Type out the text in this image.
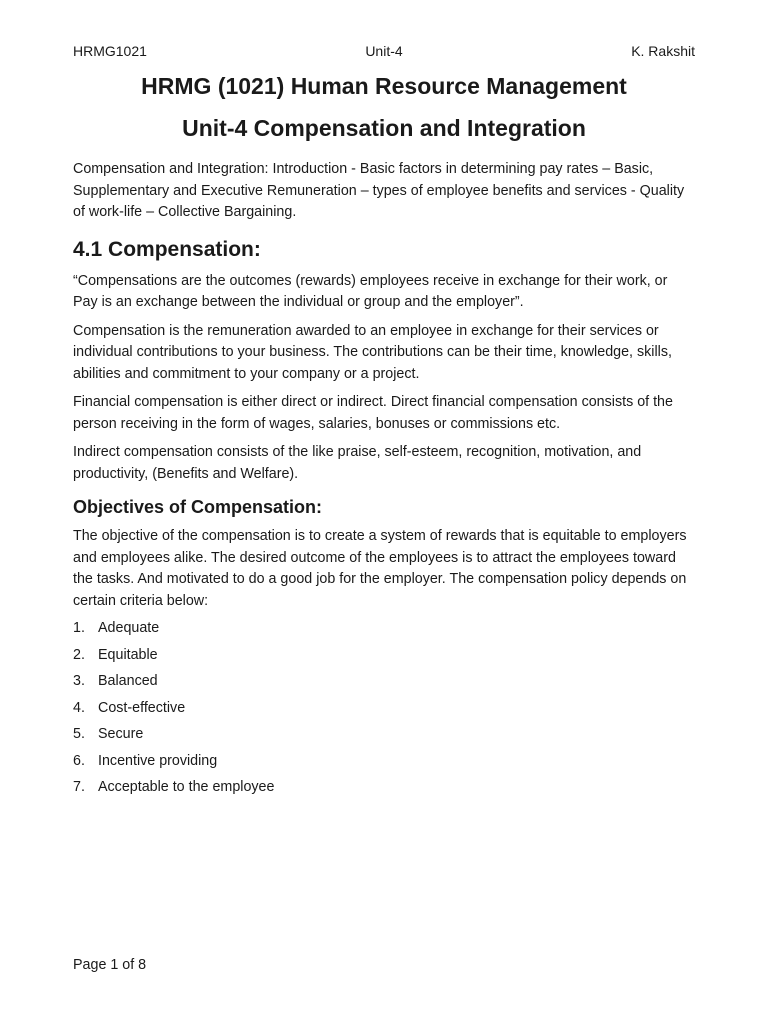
HRMG1021	Unit-4	K. Rakshit
HRMG (1021) Human Resource Management
Unit-4 Compensation and Integration

Compensation and Integration: Introduction - Basic factors in determining pay rates – Basic, Supplementary and Executive Remuneration – types of employee benefits and services - Quality of work-life – Collective Bargaining.

4.1 Compensation:

“Compensations are the outcomes (rewards) employees receive in exchange for their work, or Pay is an exchange between the individual or group and the employer”.

Compensation is the remuneration awarded to an employee in exchange for their services or individual contributions to your business. The contributions can be their time, knowledge, skills, abilities and commitment to your company or a project.

Financial compensation is either direct or indirect. Direct financial compensation consists of the person receiving in the form of wages, salaries, bonuses or commissions etc.

Indirect compensation consists of the like praise, self-esteem, recognition, motivation, and productivity, (Benefits and Welfare).

Objectives of Compensation:

The objective of the compensation is to create a system of rewards that is equitable to employers and employees alike. The desired outcome of the employees is to attract the employees toward the tasks. And motivated to do a good job for the employer. The compensation policy depends on certain criteria below:

1. Adequate
2. Equitable
3. Balanced
4. Cost-effective
5. Secure
6. Incentive providing
7. Acceptable to the employee
Page 1 of 8
